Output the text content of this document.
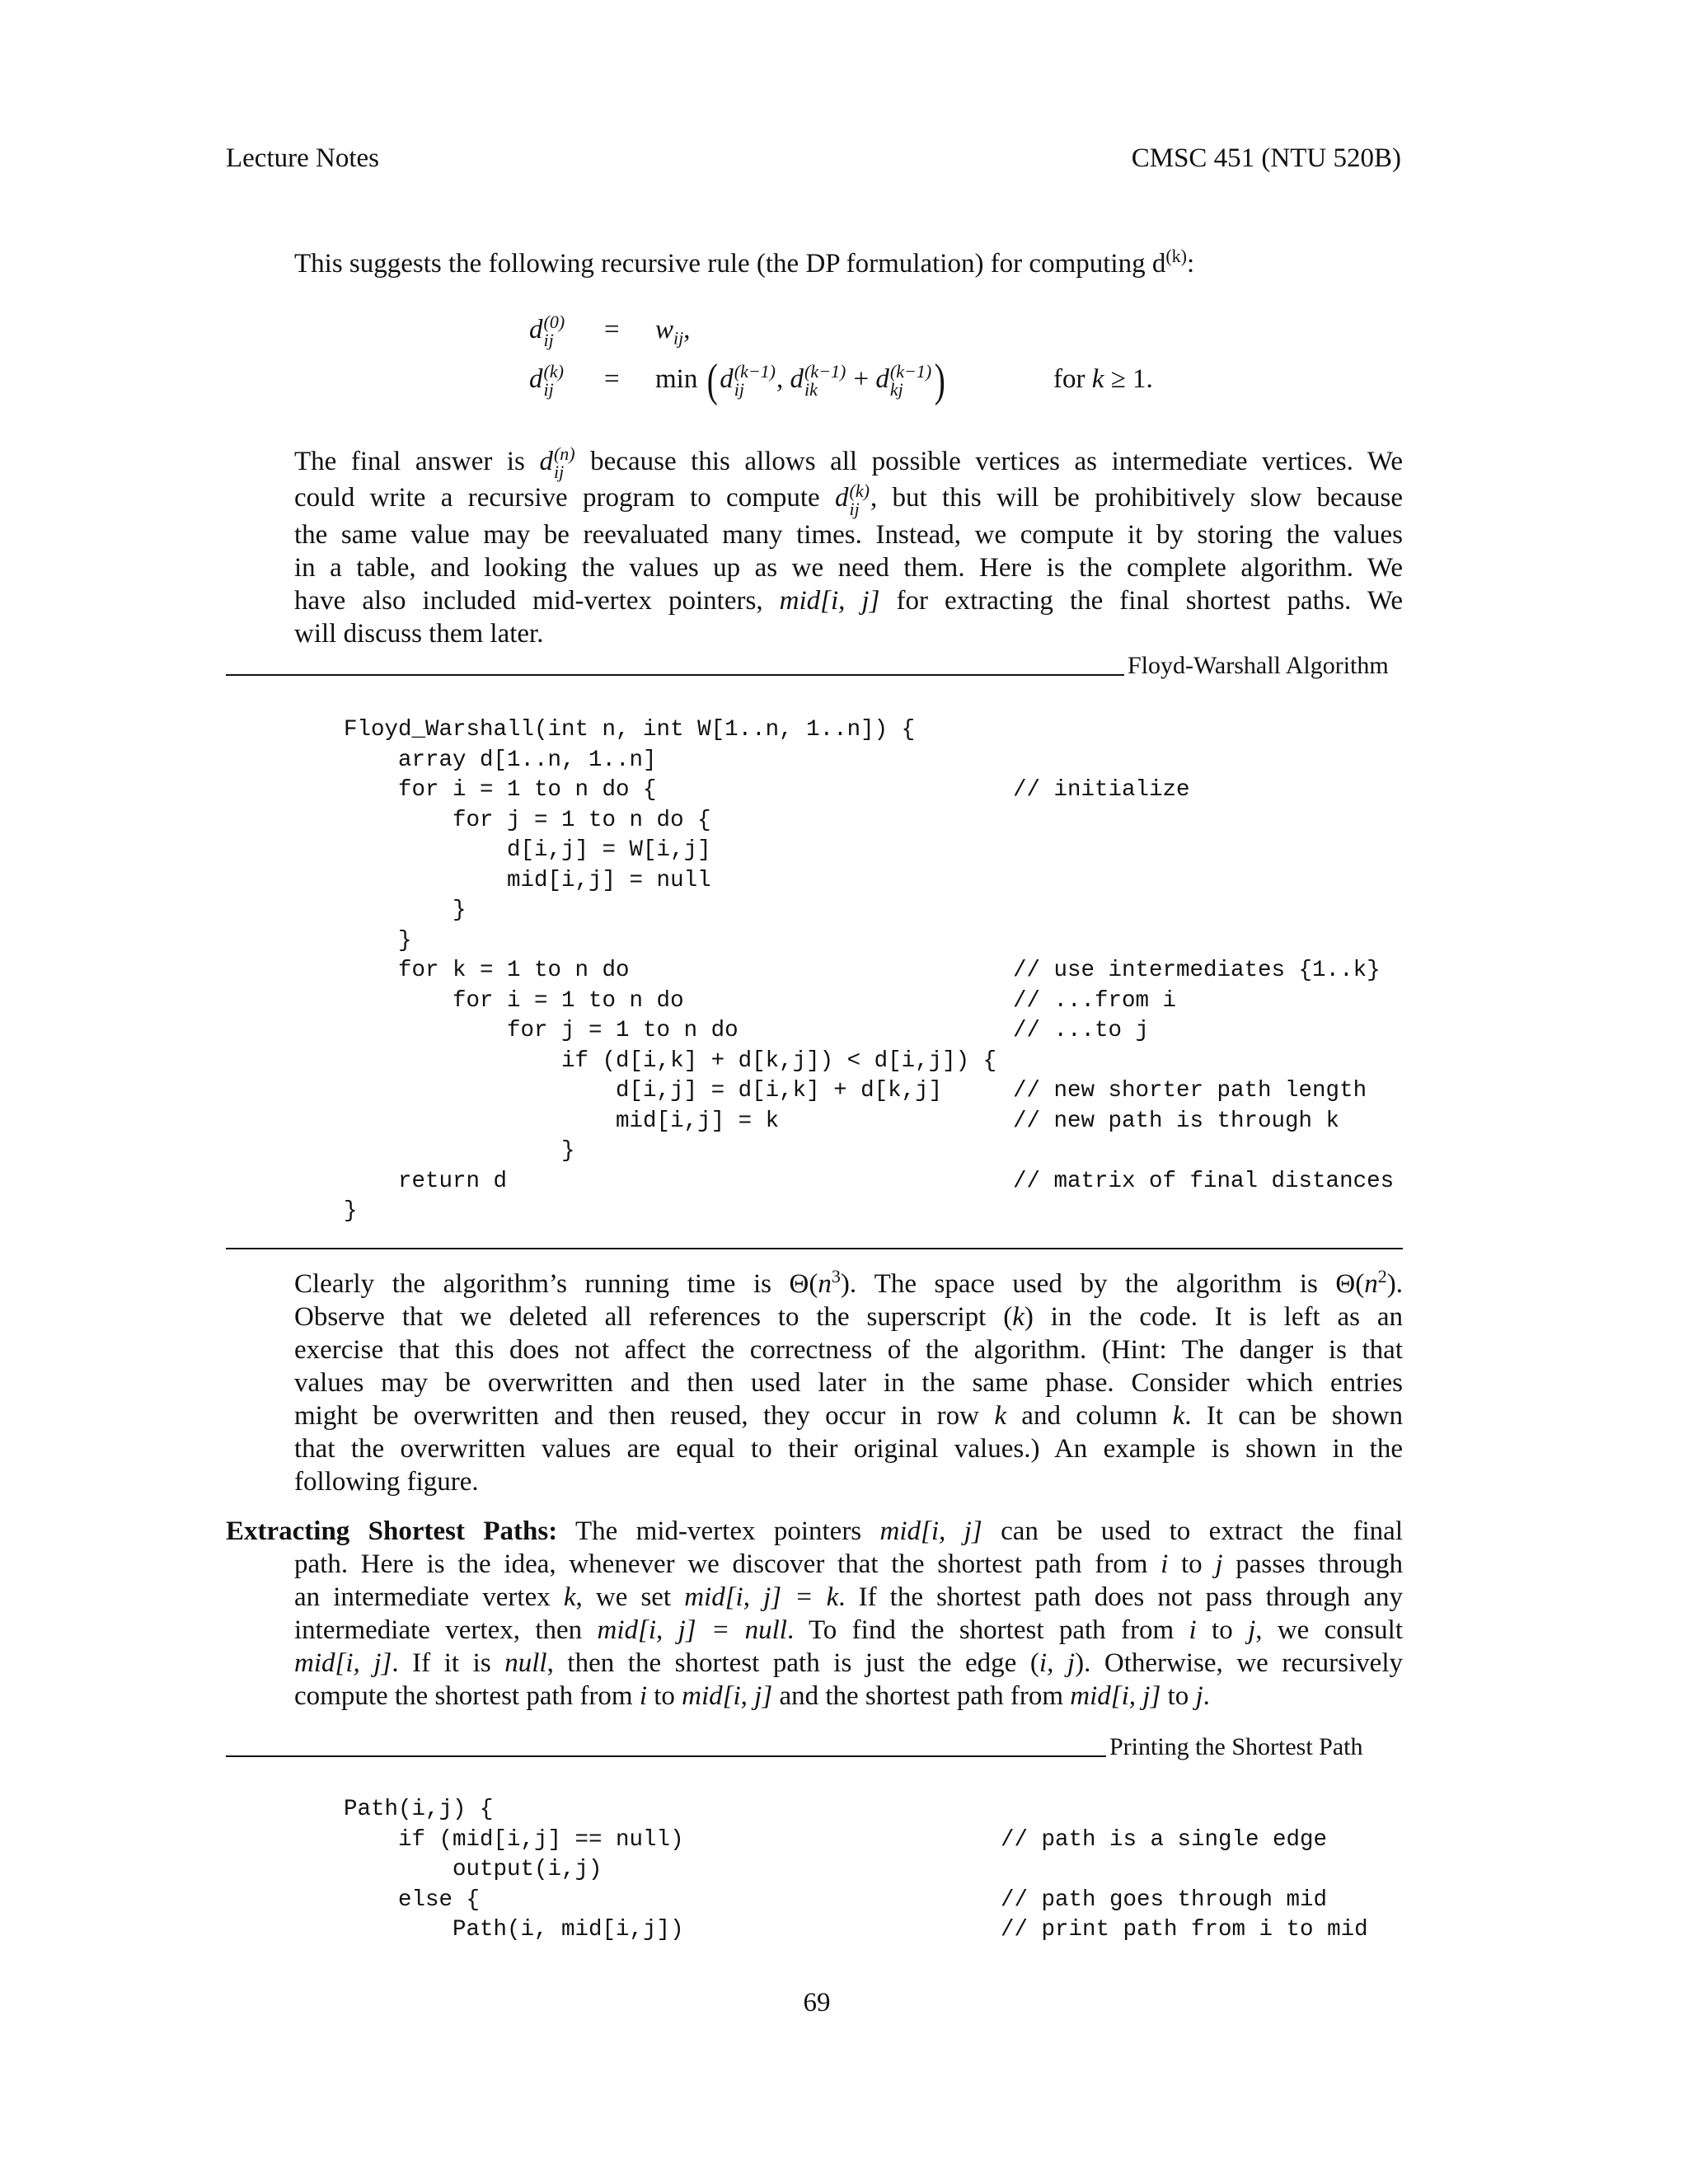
Lecture Notes	CMSC 451 (NTU 520B)
This suggests the following recursive rule (the DP formulation) for computing $d^{(k)}$:
d (0)
ij	= $w_{ij}$,
d (k)
ij	= min (d (k−1)
ij	, d (k−1)
ik	+ d (k−1)
kj )	for k ≥ 1.
The final answer is d (n)
ij because this allows all possible vertices as intermediate vertices. We
could write a recursive program to compute d (k)
ij , but this will be prohibitively slow because
the same value may be reevaluated many times. Instead, we compute it by storing the values
in a table, and looking the values up as we need them. Here is the complete algorithm. We
have also included mid-vertex pointers, mid[i, j] for extracting the final shortest paths. We
will discuss them later.
Floyd-Warshall Algorithm
Floyd_Warshall(int n, int W[1..n, 1..n]) {
array d[1..n, 1..n]
for i = 1 to n do {	// initialize
for j = 1 to n do {
d[i,j] = W[i,j]
mid[i,j] = null
}
}
for k = 1 to n do	// use intermediates {1..k}
for i = 1 to n do	// ...from i
for j = 1 to n do	// ...to j
if (d[i,k] + d[k,j]) < d[i,j]) {
d[i,j] = d[i,k] + d[k,j]	// new shorter path length
mid[i,j] = k	// new path is through k
}
return d	// matrix of final distances
}
Clearly the algorithm’s running time is $\Theta(n^3)$. The space used by the algorithm is $\Theta(n^2)$.
Observe that we deleted all references to the superscript (k) in the code. It is left as an
exercise that this does not affect the correctness of the algorithm. (Hint: The danger is that
values may be overwritten and then used later in the same phase. Consider which entries
might be overwritten and then reused, they occur in row k and column k. It can be shown
that the overwritten values are equal to their original values.) An example is shown in the
following figure.
Extracting Shortest Paths: The mid-vertex pointers mid[i, j] can be used to extract the final
path. Here is the idea, whenever we discover that the shortest path from i to j passes through
an intermediate vertex k, we set mid[i, j] = k. If the shortest path does not pass through any
intermediate vertex, then mid[i, j] = null. To find the shortest path from i to j, we consult
mid[i, j]. If it is null, then the shortest path is just the edge (i, j). Otherwise, we recursively
compute the shortest path from i to mid[i, j] and the shortest path from mid[i, j] to j.
Printing the Shortest Path
Path(i,j) {
if (mid[i,j] == null)	// path is a single edge
output(i,j)
else {	// path goes through mid
Path(i, mid[i,j])	// print path from i to mid
69
